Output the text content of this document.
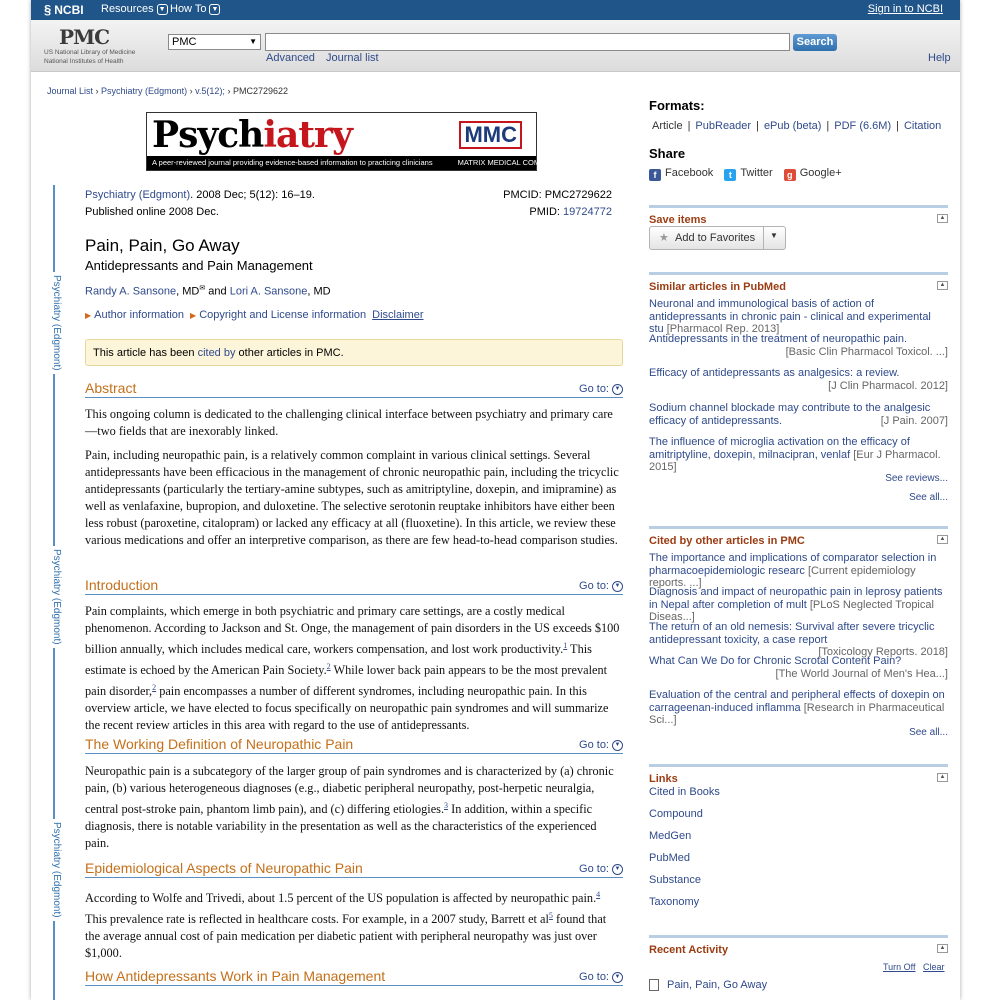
§ NCBI Resources ▼ How To ▼	Sign in to NCBI
PMC
US National Library of Medicine
National Institutes of Health
PMC	▼	Search
Advanced Journal list	Help
Journal List › Psychiatry (Edgmont) › v.5(12); › PMC2729622
Psychiatry	MMC
A peer-reviewed journal providing evidence-based information to practicing clinicians	MATRIX MEDICAL COMMUNICATIONS
Psychiatry (Edgmont)
Psychiatry (Edgmont)
Psychiatry (Edgmont)
Psychiatry (Edgmont). 2008 Dec; 5(12): 16–19.
Published online 2008 Dec.
PMCID: PMC2729622
PMID: 19724772
Pain, Pain, Go Away
Antidepressants and Pain Management
Randy A. Sansone, MD✉ and Lori A. Sansone, MD
▶ Author information ▶ Copyright and License information Disclaimer
This article has been cited by other articles in PMC.
Abstract	Go to: ▼
This ongoing column is dedicated to the challenging clinical interface between psychiatry and primary care—two fields that are inexorably linked.
Pain, including neuropathic pain, is a relatively common complaint in various clinical settings. Several antidepressants have been efficacious in the management of chronic neuropathic pain, including the tricyclic antidepressants (particularly the tertiary-amine subtypes, such as amitriptyline, doxepin, and imipramine) as well as venlafaxine, bupropion, and duloxetine. The selective serotonin reuptake inhibitors have either been less robust (paroxetine, citalopram) or lacked any efficacy at all (fluoxetine). In this article, we review these various medications and offer an interpretive comparison, as there are few head-to-head comparison studies.
Introduction	Go to: ▼
Pain complaints, which emerge in both psychiatric and primary care settings, are a costly medical phenomenon. According to Jackson and St. Onge, the management of pain disorders in the US exceeds $100 billion annually, which includes medical care, workers compensation, and lost work productivity.$^1$ This estimate is echoed by the American Pain Society.$^2$ While lower back pain appears to be the most prevalent pain disorder,$^2$ pain encompasses a number of different syndromes, including neuropathic pain. In this overview article, we have elected to focus specifically on neuropathic pain syndromes and will summarize the recent review articles in this area with regard to the use of antidepressants.
The Working Definition of Neuropathic Pain	Go to: ▼
Neuropathic pain is a subcategory of the larger group of pain syndromes and is characterized by (a) chronic pain, (b) various heterogeneous diagnoses (e.g., diabetic peripheral neuropathy, post-herpetic neuralgia, central post-stroke pain, phantom limb pain), and (c) differing etiologies.$^3$ In addition, within a specific diagnosis, there is notable variability in the presentation as well as the characteristics of the experienced pain.
Epidemiological Aspects of Neuropathic Pain	Go to: ▼
According to Wolfe and Trivedi, about 1.5 percent of the US population is affected by neuropathic pain.$^4$ This prevalence rate is reflected in healthcare costs. For example, in a 2007 study, Barrett et $al^5$ found that the average annual cost of pain medication per diabetic patient with peripheral neuropathy was just over $1,000.
How Antidepressants Work in Pain Management	Go to: ▼
Formats:
Article | PubReader | ePub (beta) | PDF (6.6M) | Citation
Share
f Facebook	t Twitter	g Google+
Save items	▲
★ Add to Favorites ▼
Similar articles in PubMed	▲
Neuronal and immunological basis of action of antidepressants in chronic pain - clinical and experimental stu [Pharmacol Rep. 2013]
Antidepressants in the treatment of neuropathic pain.
[Basic Clin Pharmacol Toxicol. ...]
Efficacy of antidepressants as analgesics: a review.
[J Clin Pharmacol. 2012]
Sodium channel blockade may contribute to the analgesic efficacy of antidepressants.	[J Pain. 2007]
The influence of microglia activation on the efficacy of amitriptyline, doxepin, milnacipran, venlaf [Eur J Pharmacol. 2015]
See reviews...
See all...
Cited by other articles in PMC	▲
The importance and implications of comparator selection in pharmacoepidemiologic researc [Current epidemiology reports. ...]
Diagnosis and impact of neuropathic pain in leprosy patients in Nepal after completion of mult [PLoS Neglected Tropical Diseas...]
The return of an old nemesis: Survival after severe tricyclic antidepressant toxicity, a case report
[Toxicology Reports. 2018]
What Can We Do for Chronic Scrotal Content Pain?
[The World Journal of Men's Hea...]
Evaluation of the central and peripheral effects of doxepin on carrageenan-induced inflamma [Research in Pharmaceutical Sci...]
See all...
Links	▲
Cited in Books
Compound
MedGen
PubMed
Substance
Taxonomy
Recent Activity	▲
Turn Off Clear
Pain, Pain, Go Away
